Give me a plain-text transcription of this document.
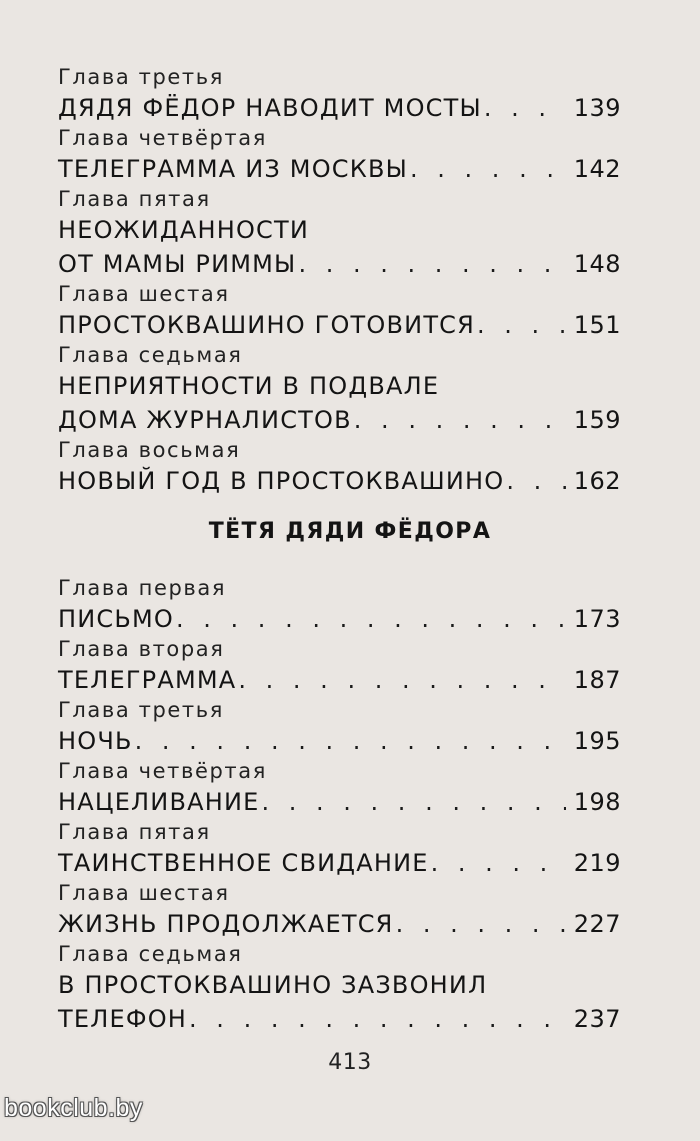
Глава третья
ДЯДЯ ФЁДОР НАВОДИТ МОСТЫ . . .	139
Глава четвёртая
ТЕЛЕГРАММА ИЗ МОСКВЫ . . .	142
Глава пятая
НЕОЖИДАННОСТИ
ОТ МАМЫ РИММЫ . . .	148
Глава шестая
ПРОСТОКВАШИНО ГОТОВИТСЯ . . .	151
Глава седьмая
НЕПРИЯТНОСТИ В ПОДВАЛЕ
ДОМА ЖУРНАЛИСТОВ . . .	159
Глава восьмая
НОВЫЙ ГОД В ПРОСТОКВАШИНО . . .	162
ТЁТЯ ДЯДИ ФЁДОРА
Глава первая
ПИСЬМО . . .	173
Глава вторая
ТЕЛЕГРАММА . . .	187
Глава третья
НОЧЬ . . .	195
Глава четвёртая
НАЦЕЛИВАНИЕ . . .	198
Глава пятая
ТАИНСТВЕННОЕ СВИДАНИЕ . . .	219
Глава шестая
ЖИЗНЬ ПРОДОЛЖАЕТСЯ . . .	227
Глава седьмая
В ПРОСТОКВАШИНО ЗАЗВОНИЛ
ТЕЛЕФОН . . .	237
413
bookclub.by
